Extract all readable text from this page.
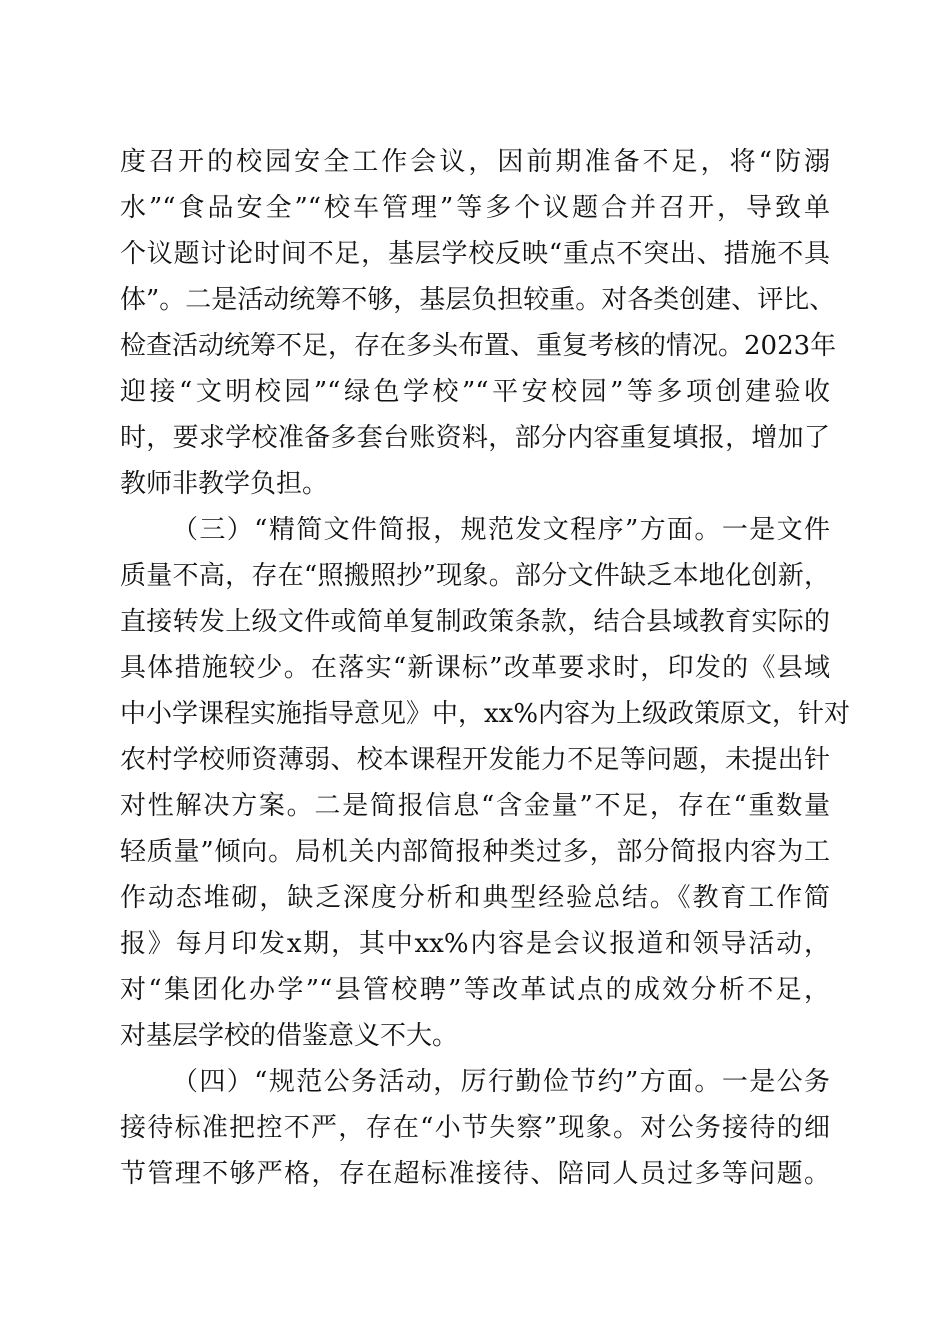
度召开的校园安全工作会议，因前期准备不足，将“防溺
水”“食品安全”“校车管理”等多个议题合并召开，导致单
个议题讨论时间不足，基层学校反映“重点不突出、措施不具
体”。二是活动统筹不够，基层负担较重。对各类创建、评比、
检查活动统筹不足，存在多头布置、重复考核的情况。2023年
迎接“文明校园”“绿色学校”“平安校园”等多项创建验收
时，要求学校准备多套台账资料，部分内容重复填报，增加了
教师非教学负担。
（三）“精简文件简报，规范发文程序”方面。一是文件
质量不高，存在“照搬照抄”现象。部分文件缺乏本地化创新，
直接转发上级文件或简单复制政策条款，结合县域教育实际的
具体措施较少。在落实“新课标”改革要求时，印发的《县域
中小学课程实施指导意见》中，xx%内容为上级政策原文，针对
农村学校师资薄弱、校本课程开发能力不足等问题，未提出针
对性解决方案。二是简报信息“含金量”不足，存在“重数量
轻质量”倾向。局机关内部简报种类过多，部分简报内容为工
作动态堆砌，缺乏深度分析和典型经验总结。《教育工作简
报》每月印发x期，其中xx%内容是会议报道和领导活动，
对“集团化办学”“县管校聘”等改革试点的成效分析不足，
对基层学校的借鉴意义不大。
（四）“规范公务活动，厉行勤俭节约”方面。一是公务
接待标准把控不严，存在“小节失察”现象。对公务接待的细
节管理不够严格，存在超标准接待、陪同人员过多等问题。
